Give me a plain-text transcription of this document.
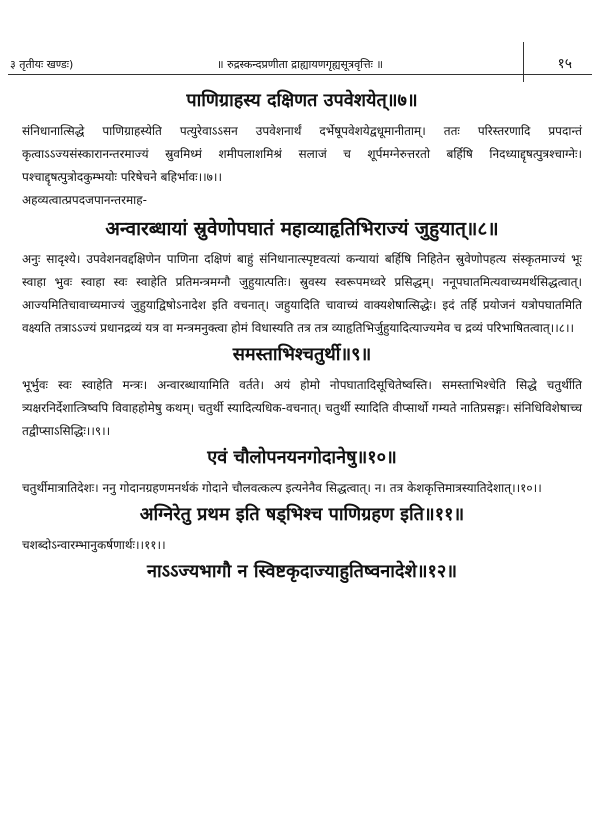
३ तृतीयः खण्डः)	॥ रुद्रस्कन्दप्रणीता द्राह्यायणगृह्यसूत्रवृत्तिः ॥	१५
पाणिग्राहस्य दक्षिणत उपवेशयेत्॥७॥

संनिधानात्सिद्धे पाणिग्राहस्येति पत्युरेवाऽऽसन उपवेशनार्थं दर्भेषूपवेशयेद्वधूमानीताम्। ततः परिस्तरणादि प्रपदान्तं कृत्वाऽऽज्यसंस्कारानन्तरमाज्यं स्रुवमिध्मं शमीपलाशमिश्रं सलाजं च शूर्पमग्नेरुत्तरतो बर्हिषि निदध्याद्दृषत्पुत्रश्चाग्नेः। पश्चाद्दृषत्पुत्रोदकुम्भयोः परिषेचने बहिर्भावः।।७।।

अहव्यत्वात्प्रपदजपानन्तरमाह-

अन्वारब्धायां स्रुवेणोपघातं महाव्याहृतिभिराज्यं जुहुयात्॥८॥

अनुः सादृश्ये। उपवेशनवद्दक्षिणेन पाणिना दक्षिणं बाहुं संनिधानात्स्पृष्टवत्यां कन्यायां बर्हिषि निहितेन स्रुवेणोपहत्य संस्कृतमाज्यं भूः स्वाहा भुवः स्वाहा स्वः स्वाहेति प्रतिमन्त्रमग्नौ जुहुयात्पतिः। स्रुवस्य स्वरूपमध्वरे प्रसिद्धम्। ननूपघातमित्यवाच्यमर्थसिद्धत्वात्। आज्यमितिचावाच्यमाज्यं जुहुयाद्विषोऽनादेश इति वचनात्। जहुयादिति चावाच्यं वाक्यशेषात्सिद्धेः। इदं तर्हि प्रयोजनं यत्रोपघातमिति वक्ष्यति तत्राऽऽज्यं प्रधानद्रव्यं यत्र वा मन्त्रमनुक्त्वा होमं विधास्यति तत्र तत्र व्याहृतिभिर्जुहुयादित्याज्यमेव च द्रव्यं परिभाषितत्वात्।।८।।

समस्ताभिश्चतुर्थी॥९॥

भूर्भुवः स्वः स्वाहेति मन्त्रः। अन्वारब्धायामिति वर्तते। अयं होमो नोपघातादिसूचितेष्वस्ति। समस्ताभिश्चेति सिद्धे चतुर्थीति त्र्यक्षरनिर्देशात्त्रिष्वपि विवाहहोमेषु कथम्। चतुर्थी स्यादित्यधिक-वचनात्। चतुर्थी स्यादिति वीप्सार्थो गम्यते नातिप्रसङ्गः। संनिधिविशेषाच्च तद्वीप्साऽसिद्धिः।।९।।

एवं चौलोपनयनगोदानेषु॥१०॥

चतुर्थीमात्रातिदेशः। ननु गोदानग्रहणमनर्थकं गोदाने चौलवत्कल्प इत्यनेनैव सिद्धत्वात्। न। तत्र केशकृत्तिमात्रस्यातिदेशात्।।१०।।

अग्निरेतु प्रथम इति षड्भिश्च पाणिग्रहण इति॥११॥

चशब्दोऽन्वारम्भानुकर्षणार्थः।।११।।

नाऽऽज्यभागौ न स्विष्टकृदाज्याहुतिष्वनादेशे॥१२॥
